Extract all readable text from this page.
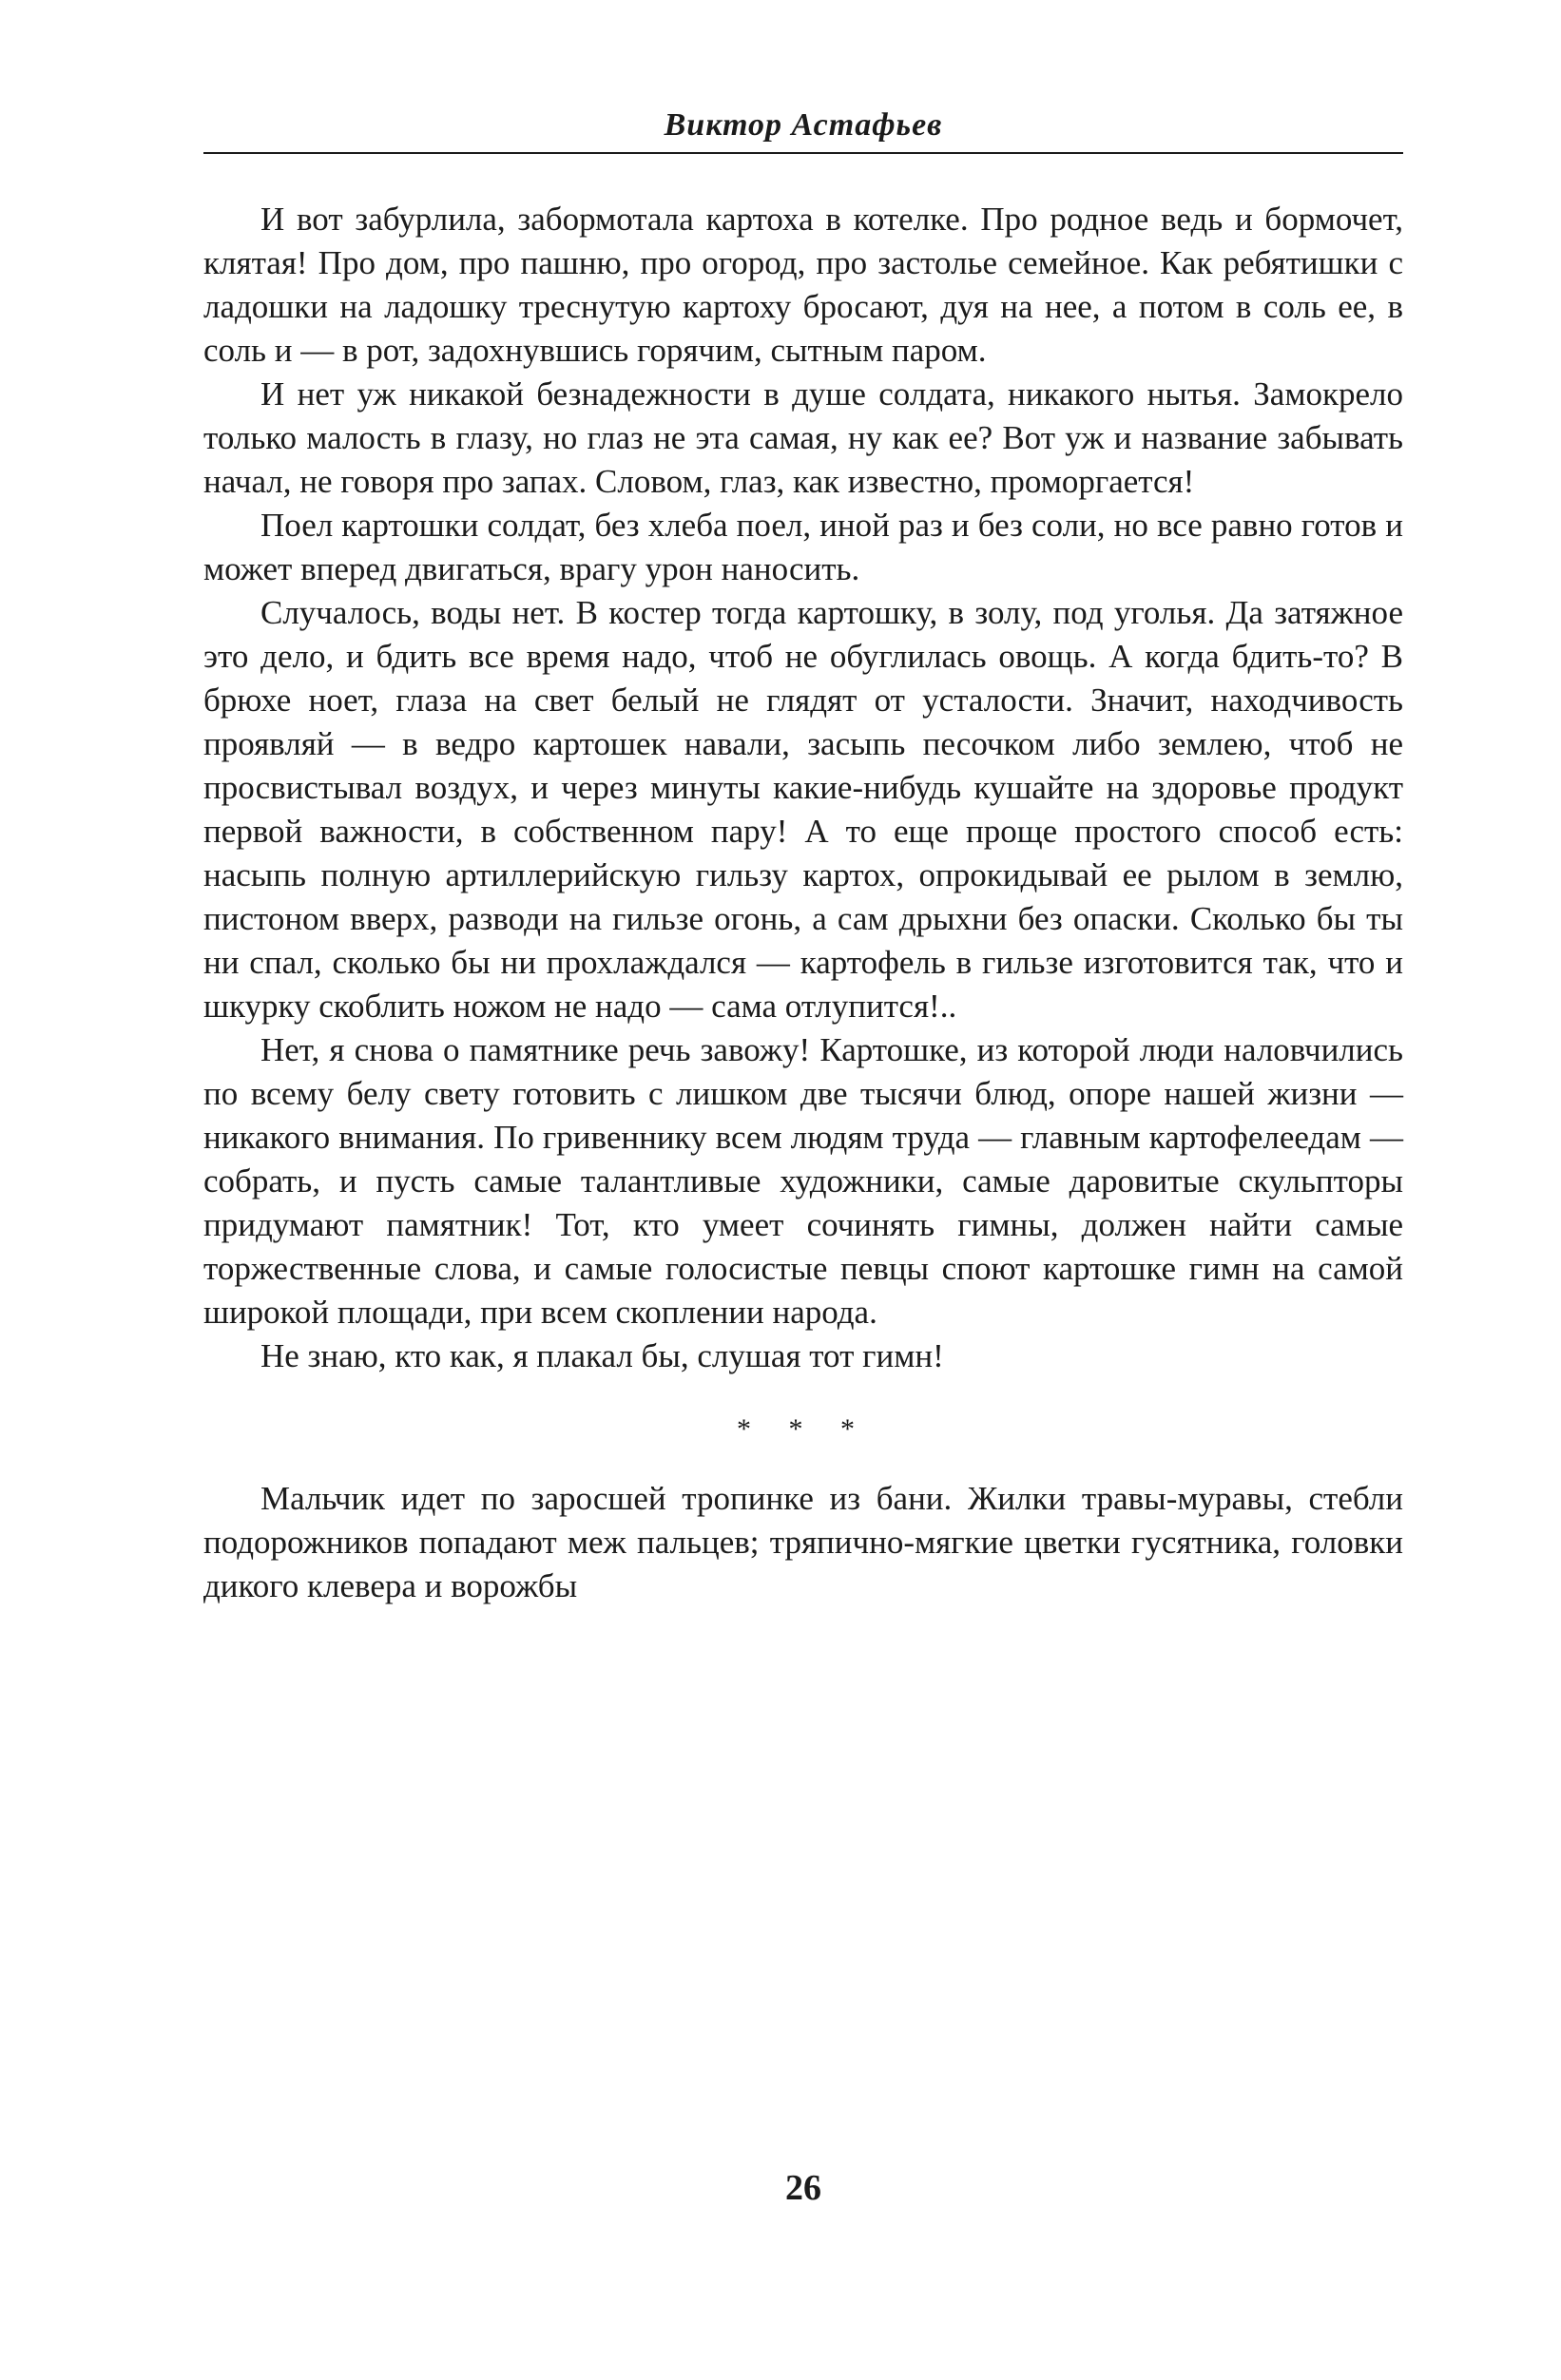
Виктор Астафьев

И вот забурлила, забормотала картоха в котелке. Про родное ведь и бормочет, клятая! Про дом, про пашню, про огород, про застолье семейное. Как ребятишки с ладошки на ладошку треснутую картоху бросают, дуя на нее, а потом в соль ее, в соль и — в рот, задохнувшись горячим, сытным паром.

И нет уж никакой безнадежности в душе солдата, никакого нытья. Замокрело только малость в глазу, но глаз не эта самая, ну как ее? Вот уж и название забывать начал, не говоря про запах. Словом, глаз, как известно, проморгается!

Поел картошки солдат, без хлеба поел, иной раз и без соли, но все равно готов и может вперед двигаться, врагу урон наносить.

Случалось, воды нет. В костер тогда картошку, в золу, под уголья. Да затяжное это дело, и бдить все время надо, чтоб не обуглилась овощь. А когда бдить-то? В брюхе ноет, глаза на свет белый не глядят от усталости. Значит, находчивость проявляй — в ведро картошек навали, засыпь песочком либо землею, чтоб не просвистывал воздух, и через минуты какие-нибудь кушайте на здоровье продукт первой важности, в собственном пару! А то еще проще простого способ есть: насыпь полную артиллерийскую гильзу картох, опрокидывай ее рылом в землю, пистоном вверх, разводи на гильзе огонь, а сам дрыхни без опаски. Сколько бы ты ни спал, сколько бы ни прохлаждался — картофель в гильзе изготовится так, что и шкурку скоблить ножом не надо — сама отлупится!..

Нет, я снова о памятнике речь завожу! Картошке, из которой люди наловчились по всему белу свету готовить с лишком две тысячи блюд, опоре нашей жизни — никакого внимания. По гривеннику всем людям труда — главным картофелеедам — собрать, и пусть самые талантливые художники, самые даровитые скульпторы придумают памятник! Тот, кто умеет сочинять гимны, должен найти самые торжественные слова, и самые голосистые певцы споют картошке гимн на самой широкой площади, при всем скоплении народа.

Не знаю, кто как, я плакал бы, слушая тот гимн!

* * *

Мальчик идет по заросшей тропинке из бани. Жилки травы-муравы, стебли подорожников попадают меж пальцев; тряпично-мягкие цветки гусятника, головки дикого клевера и ворожбы

26
